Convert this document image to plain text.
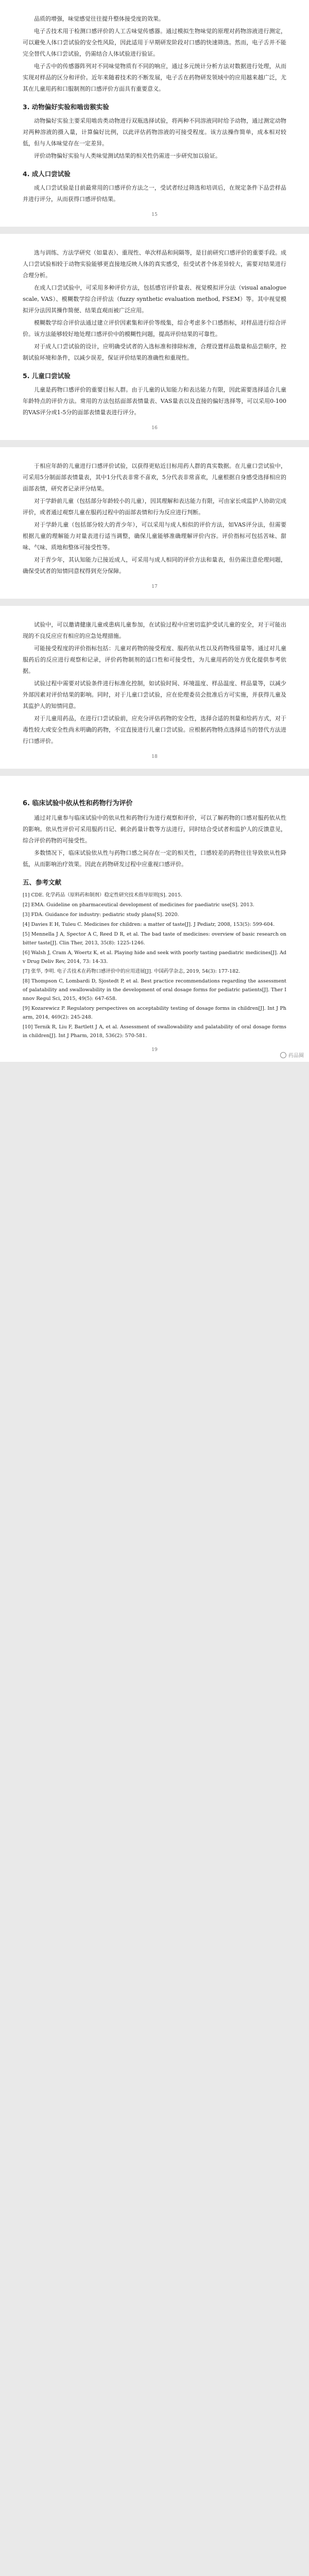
品质的增强，味觉感觉往往提升整体接受度的效果。

电子舌技术用于检测口感评价的人工舌味觉传感器。通过模拟生物味觉的原理对药物溶液进行测定，可以避免人体口尝试验的安全性风险，因此适用于早期研发阶段对口感的快速筛选。然而，电子舌并不能完全替代人体口尝试验，仍需结合人体试验进行验证。

电子舌中的传感器阵列对不同味觉物质有不同的响应，通过多元统计分析方法对数据进行处理，从而实现对样品的区分和评价。近年来随着技术的不断发展，电子舌在药物研发领域中的应用越来越广泛，尤其在儿童用药和口服制剂的口感评价方面具有重要意义。

3. 动物偏好实验和啮齿猴实验

动物偏好实验主要采用啮齿类动物进行双瓶选择试验，将两种不同溶液同时给予动物，通过测定动物对两种溶液的摄入量，计算偏好比例，以此评估药物溶液的可接受程度。该方法操作简单，成本相对较低，但与人体味觉存在一定差异。

评价动物偏好实验与人类味觉测试结果的相关性仍需进一步研究加以验证。

4. 成人口尝试验

成人口尝试验是目前最常用的口感评价方法之一，受试者经过筛选和培训后，在规定条件下品尝样品并进行评分，从而获得口感评价结果。

15

选与训练、方法学研究（如量表）、重现性、单次样品和间隔等，是目前研究口感评价的重要手段。成人口尝试验相较于动物实验能够更直接地反映人体的真实感受，但受试者个体差异较大，需要对结果进行合理分析。

在成人口尝试验中，可采用多种评价方法，包括感官评价量表、视觉模拟评分法（visual analogue scale, VAS）、模糊数学综合评价法（fuzzy synthetic evaluation method, FSEM）等。其中视觉模拟评分法因其操作简便、结果直观而被广泛应用。

模糊数学综合评价法通过建立评价因素集和评价等级集，综合考虑多个口感指标，对样品进行综合评价。该方法能够较好地处理口感评价中的模糊性问题，提高评价结果的可靠性。

对于成人口尝试验的设计，应明确受试者的入选标准和排除标准，合理设置样品数量和品尝顺序，控制试验环境和条件，以减少误差，保证评价结果的准确性和重现性。

5. 儿童口尝试验

儿童是药物口感评价的重要目标人群。由于儿童的认知能力和表达能力有限，因此需要选择适合儿童年龄特点的评价方法。常用的方法包括面部表情量表、VAS量表以及直接的偏好选择等，可以采用0-100的VAS评分或1-5分的面部表情量表进行评分。

16

于相应年龄的儿童进行口感评价试验，以获得更贴近目标用药人群的真实数据。在儿童口尝试验中，可采用5分制面部表情量表，其中1分代表非常不喜欢，5分代表非常喜欢，儿童根据自身感受选择相应的面部表情，研究者记录评分结果。

对于学龄前儿童（包括部分年龄较小的儿童），因其理解和表达能力有限，可由家长或监护人协助完成评价，或者通过观察儿童在服药过程中的面部表情和行为反应进行判断。

对于学龄儿童（包括部分较大的青少年），可以采用与成人相似的评价方法，如VAS评分法，但需要根据儿童的理解能力对量表进行适当调整，确保儿童能够准确理解评价内容。评价指标可包括苦味、甜味、气味、质地和整体可接受性等。

对于青少年，其认知能力已接近成人，可采用与成人相同的评价方法和量表，但仍需注意伦理问题，确保受试者的知情同意权得到充分保障。

17

试验中，可以邀请健康儿童或患病儿童参加，在试验过程中应密切监护受试儿童的安全，对于可能出现的不良反应应有相应的应急处理措施。

可能接受程度的评价指标包括：儿童对药物的接受程度、服药依从性以及药物残留量等。通过对儿童服药后的反应进行观察和记录，评价药物制剂的适口性和可接受性，为儿童用药的处方优化提供参考依据。

试验过程中需要对试验条件进行标准化控制，如试验时间、环境温度、样品温度、样品量等，以减少外部因素对评价结果的影响。同时，对于儿童口尝试验，应在伦理委员会批准后方可实施，并获得儿童及其监护人的知情同意。

对于儿童用药品，在进行口尝试验前，应充分评估药物的安全性，选择合适的剂量和给药方式，对于毒性较大或安全性尚未明确的药物，不宜直接进行儿童口尝试验。应根据药物特点选择适当的替代方法进行口感评价。

18
6. 临床试验中依从性和药物行为评价

通过对儿童参与临床试验中的依从性和药物行为进行观察和评价，可以了解药物的口感对服药依从性的影响。依从性评价可采用服药日记、剩余药量计数等方法进行，同时结合受试者和监护人的反馈意见，综合评价药物的可接受性。

多数情况下，临床试验依从性与药物口感之间存在一定的相关性，口感较差的药物往往导致依从性降低，从而影响治疗效果。因此在药物研发过程中应重视口感评价。

五、参考文献

[1] CDE. 化学药品（原料药和制剂）稳定性研究技术指导原则[S]. 2015.

[2] EMA. Guideline on pharmaceutical development of medicines for paediatric use[S]. 2013.

[3] FDA. Guidance for industry: pediatric study plans[S]. 2020.

[4] Davies E H, Tuleu C. Medicines for children: a matter of taste[J]. J Pediatr, 2008, 153(5): 599-604.

[5] Mennella J A, Spector A C, Reed D R, et al. The bad taste of medicines: overview of basic research on bitter taste[J]. Clin Ther, 2013, 35(8): 1225-1246.

[6] Walsh J, Cram A, Woertz K, et al. Playing hide and seek with poorly tasting paediatric medicines[J]. Adv Drug Deliv Rev, 2014, 73: 14-33.

[7] 张华, 李明. 电子舌技术在药物口感评价中的应用进展[J]. 中国药学杂志, 2019, 54(3): 177-182.

[8] Thompson C, Lombardi D, Sjostedt P, et al. Best practice recommendations regarding the assessment of palatability and swallowability in the development of oral dosage forms for pediatric patients[J]. Ther Innov Regul Sci, 2015, 49(5): 647-658.

[9] Kozarewicz P. Regulatory perspectives on acceptability testing of dosage forms in children[J]. Int J Pharm, 2014, 469(2): 245-248.

[10] Ternik R, Liu F, Bartlett J A, et al. Assessment of swallowability and palatability of oral dosage forms in children[J]. Int J Pharm, 2018, 536(2): 570-581.

19
药品圈
